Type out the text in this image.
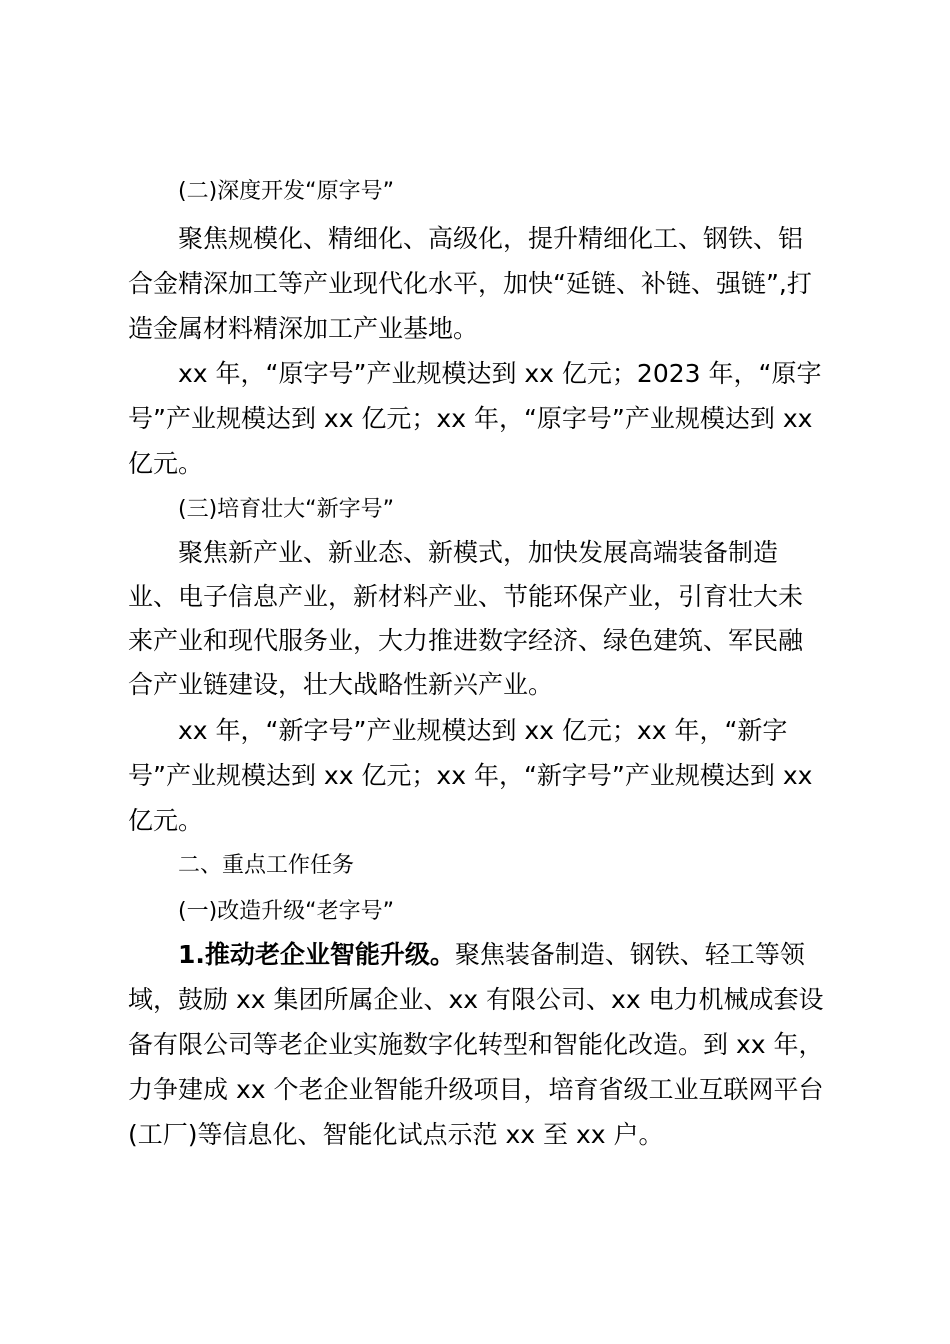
(二)深度开发“原字号”
聚焦规模化、精细化、高级化，提升精细化工、钢铁、铝
合金精深加工等产业现代化水平，加快“延链、补链、强链”,打
造金属材料精深加工产业基地。
xx 年，“原字号”产业规模达到 xx 亿元；2023 年，“原字
号”产业规模达到 xx 亿元；xx 年，“原字号”产业规模达到 xx
亿元。
(三)培育壮大“新字号”
聚焦新产业、新业态、新模式，加快发展高端装备制造
业、电子信息产业，新材料产业、节能环保产业，引育壮大未
来产业和现代服务业，大力推进数字经济、绿色建筑、军民融
合产业链建设，壮大战略性新兴产业。
xx 年，“新字号”产业规模达到 xx 亿元；xx 年，“新字
号”产业规模达到 xx 亿元；xx 年，“新字号”产业规模达到 xx
亿元。
二、重点工作任务
(一)改造升级“老字号”
1.推动老企业智能升级。聚焦装备制造、钢铁、轻工等领
域，鼓励 xx 集团所属企业、xx 有限公司、xx 电力机械成套设
备有限公司等老企业实施数字化转型和智能化改造。到 xx 年，
力争建成 xx 个老企业智能升级项目，培育省级工业互联网平台
(工厂)等信息化、智能化试点示范 xx 至 xx 户。
